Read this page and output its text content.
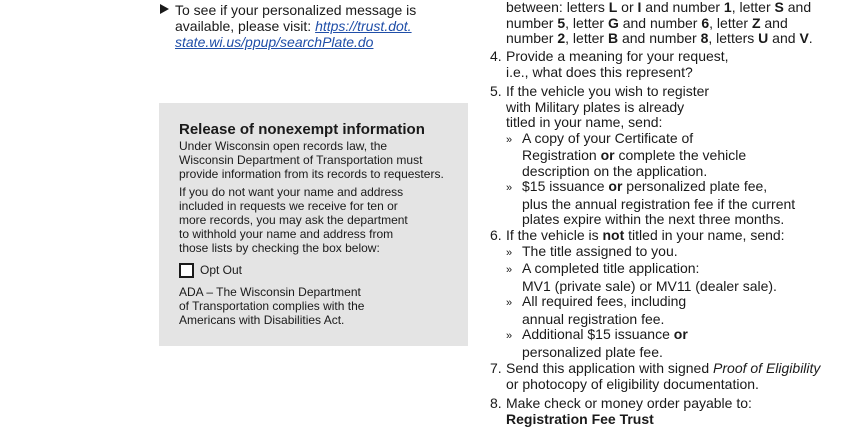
To see if your personalized message is
available, please visit: https://trust.dot.
state.wi.us/ppup/searchPlate.do
Release of nonexempt information
Under Wisconsin open records law, the
Wisconsin Department of Transportation must
provide information from its records to requesters.
If you do not want your name and address
included in requests we receive for ten or
more records, you may ask the department
to withhold your name and address from
those lists by checking the box below:
Opt Out
ADA – The Wisconsin Department
of Transportation complies with the
Americans with Disabilities Act.
between: letters L or I and number 1, letter S and
number 5, letter G and number 6, letter Z and
number 2, letter B and number 8, letters U and V.
4. Provide a meaning for your request,
i.e., what does this represent?
5. If the vehicle you wish to register
with Military plates is already
titled in your name, send:
» A copy of your Certificate of
Registration or complete the vehicle
description on the application.
» $15 issuance or personalized plate fee,
plus the annual registration fee if the current
plates expire within the next three months.
6. If the vehicle is not titled in your name, send:
» The title assigned to you.
» A completed title application:
MV1 (private sale) or MV11 (dealer sale).
» All required fees, including
annual registration fee.
» Additional $15 issuance or
personalized plate fee.
7. Send this application with signed Proof of Eligibility
or photocopy of eligibility documentation.
8. Make check or money order payable to:
Registration Fee Trust
